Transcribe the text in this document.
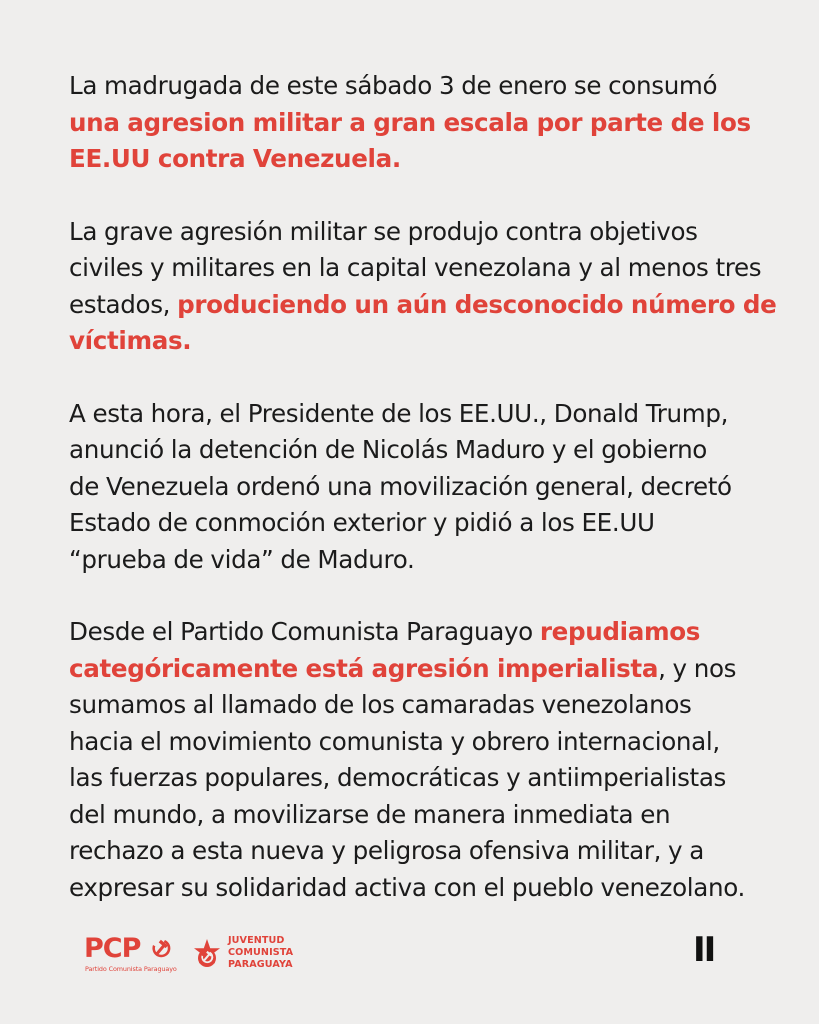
La madrugada de este sábado 3 de enero se consumó
una agresion militar a gran escala por parte de los
EE.UU contra Venezuela.

La grave agresión militar se produjo contra objetivos
civiles y militares en la capital venezolana y al menos tres
estados, produciendo un aún desconocido número de
víctimas.

A esta hora, el Presidente de los EE.UU., Donald Trump,
anunció la detención de Nicolás Maduro y el gobierno
de Venezuela ordenó una movilización general, decretó
Estado de conmoción exterior y pidió a los EE.UU
“prueba de vida” de Maduro.

Desde el Partido Comunista Paraguayo repudiamos
categóricamente está agresión imperialista, y nos
sumamos al llamado de los camaradas venezolanos
hacia el movimiento comunista y obrero internacional,
las fuerzas populares, democráticas y antiimperialistas
del mundo, a movilizarse de manera inmediata en
rechazo a esta nueva y peligrosa ofensiva militar, y a
expresar su solidaridad activa con el pueblo venezolano.

PCP
Partido Comunista Paraguayo
JUVENTUD
COMUNISTA
PARAGUAYA	II
